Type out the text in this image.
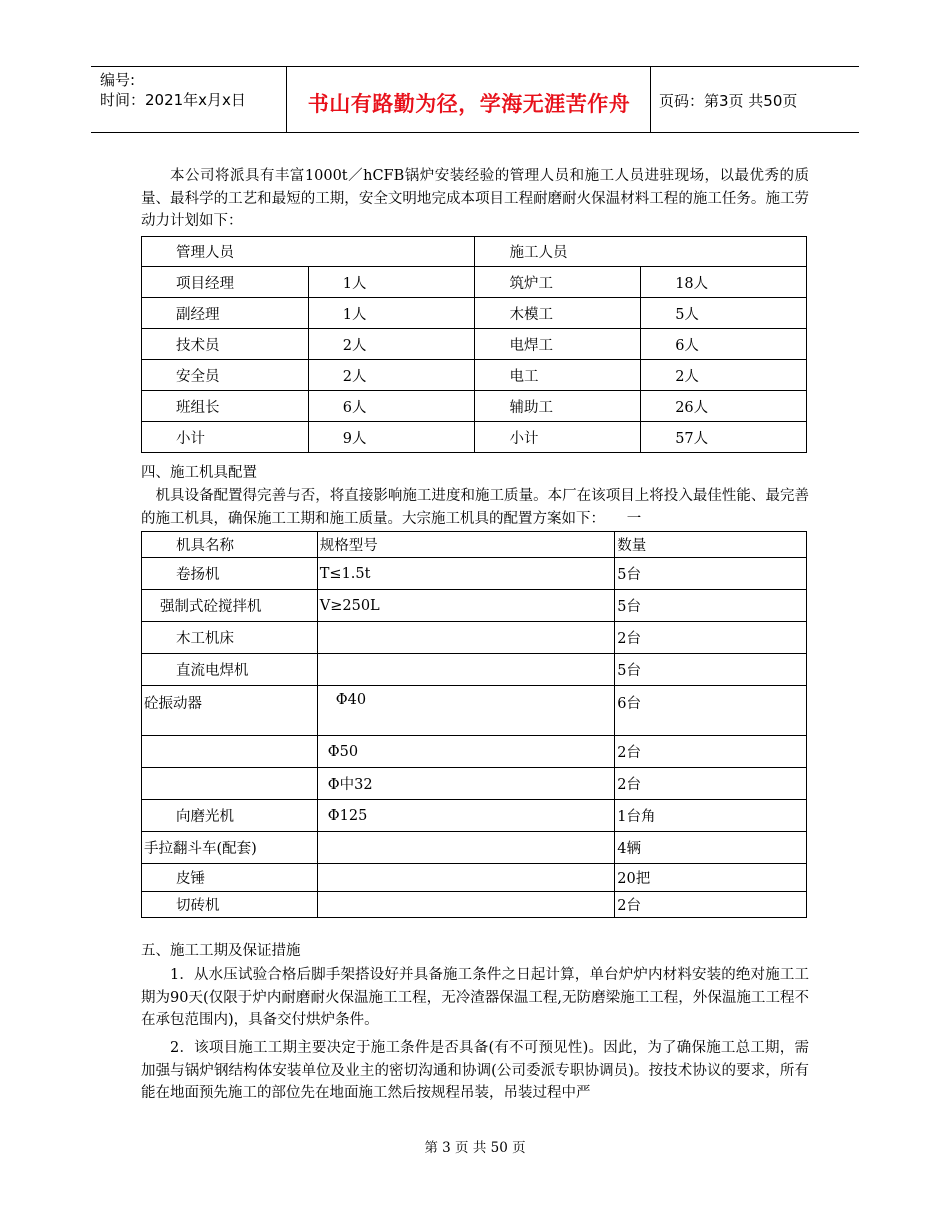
编号:
时间：2021年x月x日	书山有路勤为径，学海无涯苦作舟	页码：第3页 共50页
本公司将派具有丰富1000t／hCFB锅炉安装经验的管理人员和施工人员进驻现场，以最优秀的质量、最科学的工艺和最短的工期，安全文明地完成本项目工程耐磨耐火保温材料工程的施工任务。施工劳动力计划如下：
管理人员		施工人员	
项目经理	1人	筑炉工	18人
副经理	1人	木模工	5人
技术员	2人	电焊工	6人
安全员	2人	电工	2人
班组长	6人	辅助工	26人
小计	9人	小计	57人
四、施工机具配置
机具设备配置得完善与否，将直接影响施工进度和施工质量。本厂在该项目上将投入最佳性能、最完善的施工机具，确保施工工期和施工质量。大宗施工机具的配置方案如下：　　一
机具名称	规格型号	数量
卷扬机	T≤1.5t	5台
强制式砼搅拌机	V≥250L	5台
木工机床		2台
直流电焊机		5台
砼振动器	Φ40	6台
	Φ50	2台
	Φ中32	2台
向磨光机	Φ125	1台角
手拉翻斗车(配套)		4辆
皮锤		20把
切砖机		2台
五、施工工期及保证措施
1．从水压试验合格后脚手架搭设好并具备施工条件之日起计算，单台炉炉内材料安装的绝对施工工期为90天(仅限于炉内耐磨耐火保温施工工程，无冷渣器保温工程,无防磨梁施工工程，外保温施工工程不在承包范围内)，具备交付烘炉条件。
2．该项目施工工期主要决定于施工条件是否具备(有不可预见性)。因此，为了确保施工总工期，需加强与锅炉钢结构体安装单位及业主的密切沟通和协调(公司委派专职协调员)。按技术协议的要求，所有能在地面预先施工的部位先在地面施工然后按规程吊装，吊装过程中严
第 3 页 共 50 页
